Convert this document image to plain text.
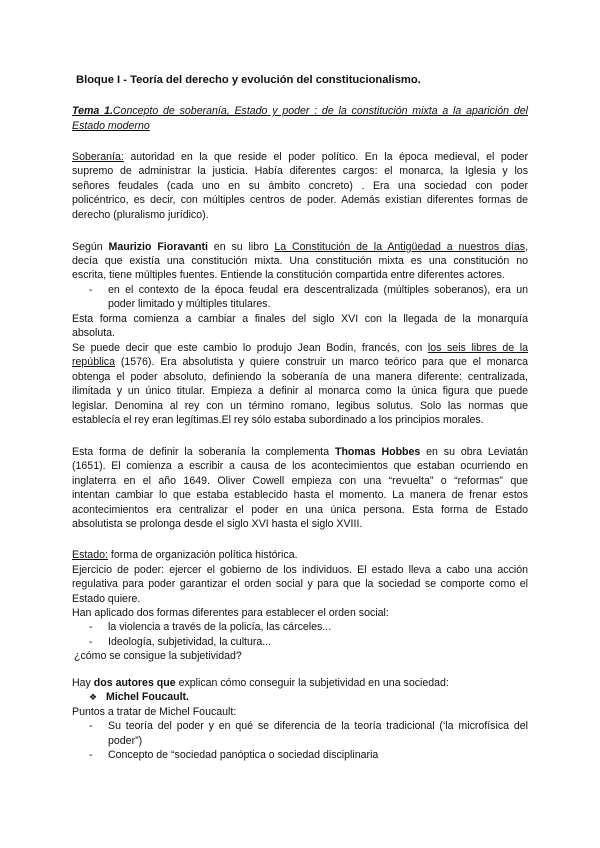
Bloque I - Teoría del derecho y evolución del constitucionalismo.
Tema 1.Concepto de soberanía, Estado y poder : de la constitución mixta a la aparición del
Estado moderno
Soberanía: autoridad en la que reside el poder político. En la época medieval, el poder
supremo de administrar la justicia. Había diferentes cargos: el monarca, la Iglesia y los
señores feudales (cada uno en su ámbito concreto) . Era una sociedad con poder
policéntrico, es decir, con múltiples centros de poder. Además existían diferentes formas de
derecho (pluralismo jurídico).
Según Maurizio Fioravanti en su libro La Constitución de la Antigüedad a nuestros días,
decía que existía una constitución mixta. Una constitución mixta es una constitución no
escrita, tiene múltiples fuentes. Entiende la constitución compartida entre diferentes actores.
- en el contexto de la época feudal era descentralizada (múltiples soberanos), era un
poder limitado y múltiples titulares.
Esta forma comienza a cambiar a finales del siglo XVI con la llegada de la monarquía
absoluta.
Se puede decir que este cambio lo produjo Jean Bodin, francés, con los seis libres de la
república (1576). Era absolutista y quiere construir un marco teórico para que el monarca
obtenga el poder absoluto, definiendo la soberanía de una manera diferente: centralizada,
ilimitada y un único titular. Empieza a definir al monarca como la única figura que puede
legislar. Denomina al rey con un término romano, legibus solutus. Solo las normas que
establecía el rey eran legítimas.El rey sólo estaba subordinado a los principios morales.
Esta forma de definir la soberanía la complementa Thomas Hobbes en su obra Leviatán
(1651). El comienza a escribir a causa de los acontecimientos que estaban ocurriendo en
inglaterra en el año 1649. Oliver Cowell empieza con una “revuelta” o “reformas” que
intentan cambiar lo que estaba establecido hasta el momento. La manera de frenar estos
acontecimientos era centralizar el poder en una única persona. Esta forma de Estado
absolutista se prolonga desde el siglo XVI hasta el siglo XVIII.
Estado: forma de organización política histórica.
Ejercicio de poder: ejercer el gobierno de los individuos. El estado lleva a cabo una acción
regulativa para poder garantizar el orden social y para que la sociedad se comporte como el
Estado quiere.
Han aplicado dos formas diferentes para establecer el orden social:
- la violencia a través de la policía, las cárceles...
- Ideología, subjetividad, la cultura...
¿cómo se consigue la subjetividad?
Hay dos autores que explican cómo conseguir la subjetividad en una sociedad:
❖ Michel Foucault.
Puntos a tratar de Michel Foucault:
- Su teoría del poder y en qué se diferencia de la teoría tradicional (‘la microfísica del
poder”)
- Concepto de “sociedad panóptica o sociedad disciplinaria
